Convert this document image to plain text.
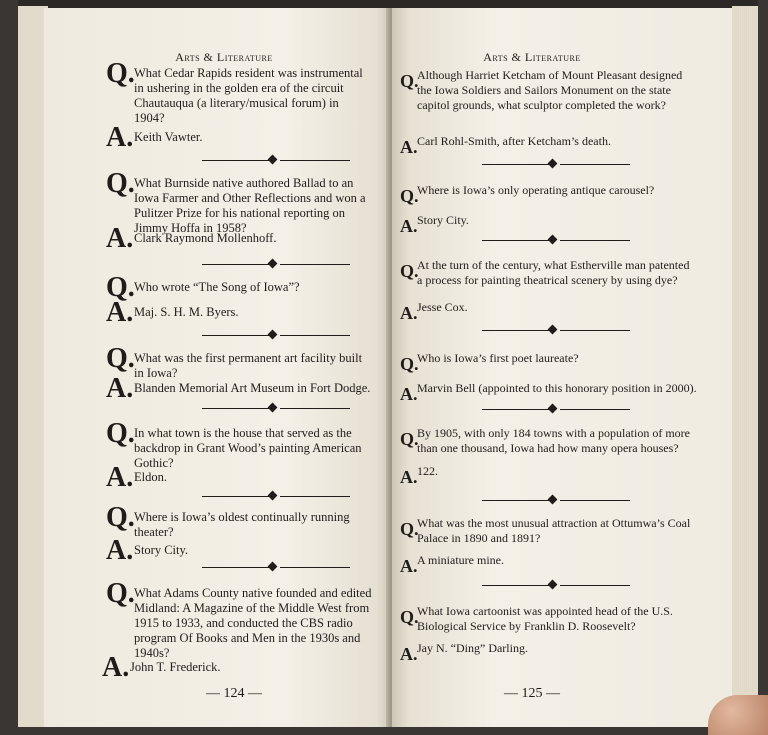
Arts & Literature
Q. What Cedar Rapids resident was instrumental in ushering in the golden era of the circuit Chautauqua (a literary/musical forum) in 1904?
A. Keith Vawter.
Q. What Burnside native authored Ballad to an Iowa Farmer and Other Reflections and won a Pulitzer Prize for his national reporting on Jimmy Hoffa in 1958?
A. Clark Raymond Mollenhoff.
Q. Who wrote “The Song of Iowa”?
A. Maj. S. H. M. Byers.
Q. What was the first permanent art facility built in Iowa?
A. Blanden Memorial Art Museum in Fort Dodge.
Q. In what town is the house that served as the backdrop in Grant Wood’s painting American Gothic?
A. Eldon.
Q. Where is Iowa’s oldest continually running theater?
A. Story City.
Q. What Adams County native founded and edited Midland: A Magazine of the Middle West from 1915 to 1933, and conducted the CBS radio program Of Books and Men in the 1930s and 1940s?
A. John T. Frederick.
— 124 —
Arts & Literature
Q.
Although Harriet Ketcham of Mount Pleasant designed the Iowa Soldiers and Sailors Monument on the state capitol grounds, what sculptor completed the work?
A. Carl Rohl-Smith, after Ketcham’s death.
Q.
Where is Iowa’s only operating antique carousel?
A. Story City.
Q.
At the turn of the century, what Estherville man patented a process for painting theatrical scenery by using dye?
A. Jesse Cox.
Q.
Who is Iowa’s first poet laureate?
A. Marvin Bell (appointed to this honorary position in 2000).
Q.
By 1905, with only 184 towns with a population of more than one thousand, Iowa had how many opera houses?
A. 122.
Q.
What was the most unusual attraction at Ottumwa’s Coal Palace in 1890 and 1891?
A. A miniature mine.
Q.
What Iowa cartoonist was appointed head of the U.S. Biological Service by Franklin D. Roosevelt?
A. Jay N. “Ding” Darling.
— 125 —
